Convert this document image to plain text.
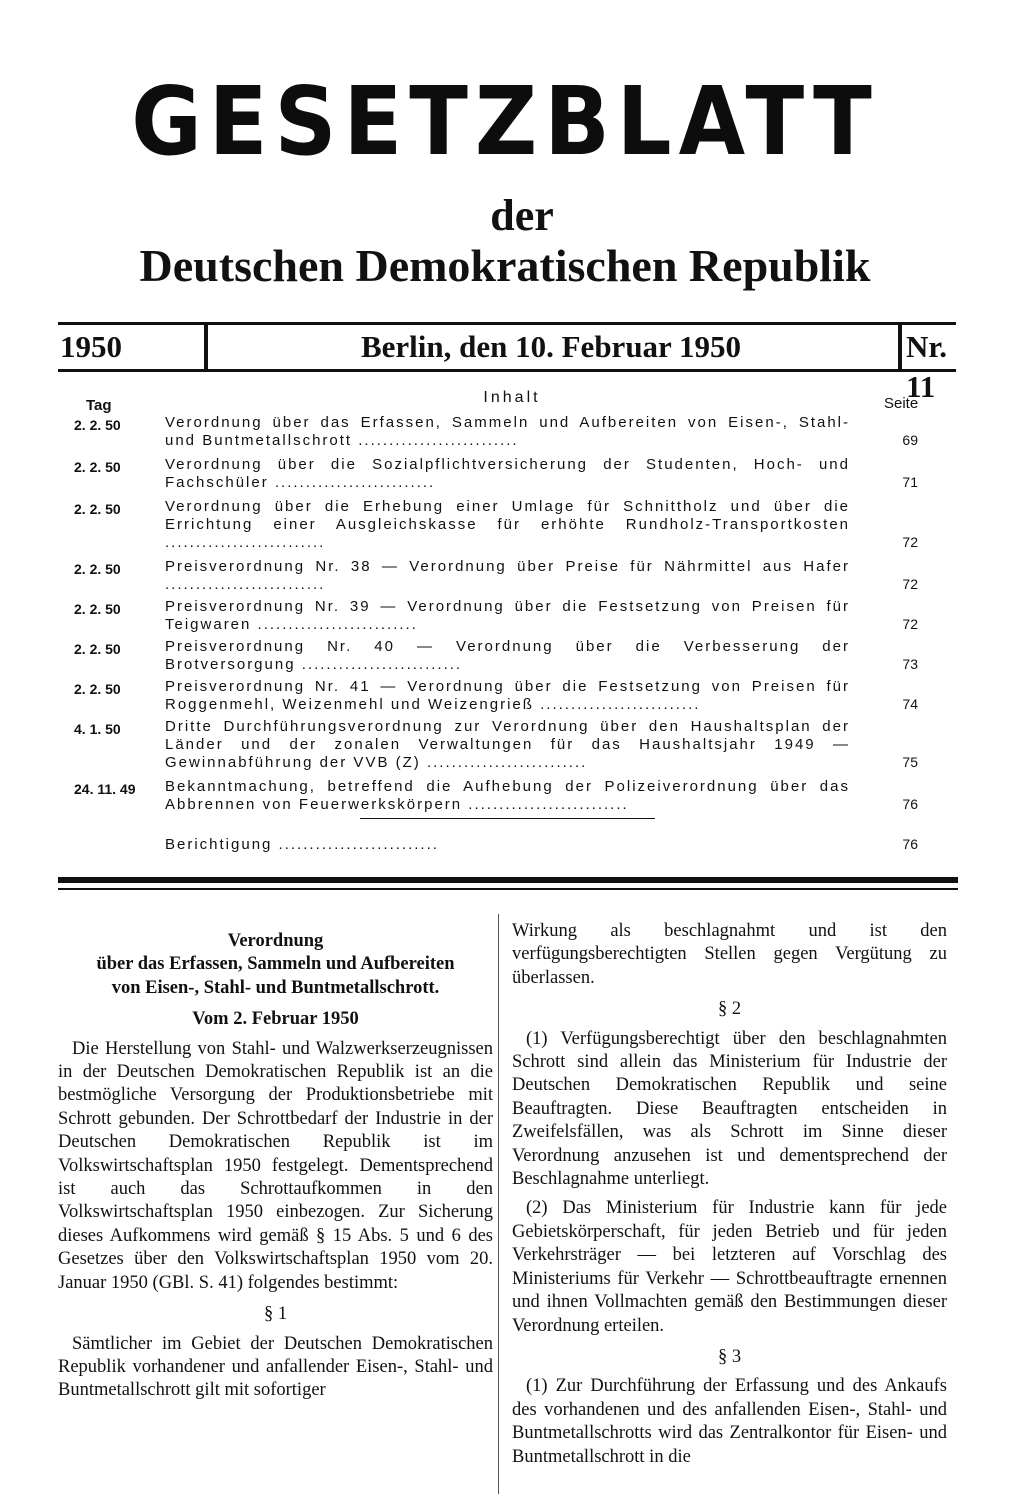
GESETZBLATT
der
Deutschen Demokratischen Republik
1950	Berlin, den 10. Februar 1950	Nr. 11
Tag	Inhalt	Seite
2. 2. 50	Verordnung über das Erfassen, Sammeln und Aufbereiten von Eisen-, Stahl- und Buntmetallschrott ..........................	69
2. 2. 50	Verordnung über die Sozialpflichtversicherung der Studenten, Hoch- und Fachschüler ..........................	71
2. 2. 50	Verordnung über die Erhebung einer Umlage für Schnittholz und über die Errichtung einer Ausgleichskasse für erhöhte Rundholz-Transportkosten ..........................	72
2. 2. 50	Preisverordnung Nr. 38 — Verordnung über Preise für Nährmittel aus Hafer ..........................	72
2. 2. 50	Preisverordnung Nr. 39 — Verordnung über die Festsetzung von Preisen für Teigwaren ..........................	72
2. 2. 50	Preisverordnung Nr. 40 — Verordnung über die Verbesserung der Brotversorgung ..........................	73
2. 2. 50	Preisverordnung Nr. 41 — Verordnung über die Festsetzung von Preisen für Roggenmehl, Weizenmehl und Weizengrieß ..........................	74
4. 1. 50	Dritte Durchführungsverordnung zur Verordnung über den Haushaltsplan der Länder und der zonalen Verwaltungen für das Haushaltsjahr 1949 — Gewinnabführung der VVB (Z) ..........................	75
24. 11. 49	Bekanntmachung, betreffend die Aufhebung der Polizeiverordnung über das Abbrennen von Feuerwerkskörpern ..........................	76
Berichtigung ..........................	76
Verordnung
über das Erfassen, Sammeln und Aufbereiten
von Eisen-, Stahl- und Buntmetallschrott.
Vom 2. Februar 1950

Die Herstellung von Stahl- und Walzwerkserzeugnissen in der Deutschen Demokratischen Republik ist an die bestmögliche Versorgung der Produktionsbetriebe mit Schrott gebunden. Der Schrottbedarf der Industrie in der Deutschen Demokratischen Republik ist im Volkswirtschaftsplan 1950 festgelegt. Dementsprechend ist auch das Schrottaufkommen in den Volkswirtschaftsplan 1950 einbezogen. Zur Sicherung dieses Aufkommens wird gemäß § 15 Abs. 5 und 6 des Gesetzes über den Volkswirtschaftsplan 1950 vom 20. Januar 1950 (GBl. S. 41) folgendes bestimmt:

§ 1

Sämtlicher im Gebiet der Deutschen Demokratischen Republik vorhandener und anfallender Eisen-, Stahl- und Buntmetallschrott gilt mit sofortiger

Wirkung als beschlagnahmt und ist den verfügungsberechtigten Stellen gegen Vergütung zu überlassen.

§ 2

(1) Verfügungsberechtigt über den beschlagnahmten Schrott sind allein das Ministerium für Industrie der Deutschen Demokratischen Republik und seine Beauftragten. Diese Beauftragten entscheiden in Zweifelsfällen, was als Schrott im Sinne dieser Verordnung anzusehen ist und dementsprechend der Beschlagnahme unterliegt.

(2) Das Ministerium für Industrie kann für jede Gebietskörperschaft, für jeden Betrieb und für jeden Verkehrsträger — bei letzteren auf Vorschlag des Ministeriums für Verkehr — Schrottbeauftragte ernennen und ihnen Vollmachten gemäß den Bestimmungen dieser Verordnung erteilen.

§ 3

(1) Zur Durchführung der Erfassung und des Ankaufs des vorhandenen und des anfallenden Eisen-, Stahl- und Buntmetallschrotts wird das Zentralkontor für Eisen- und Buntmetallschrott in die
